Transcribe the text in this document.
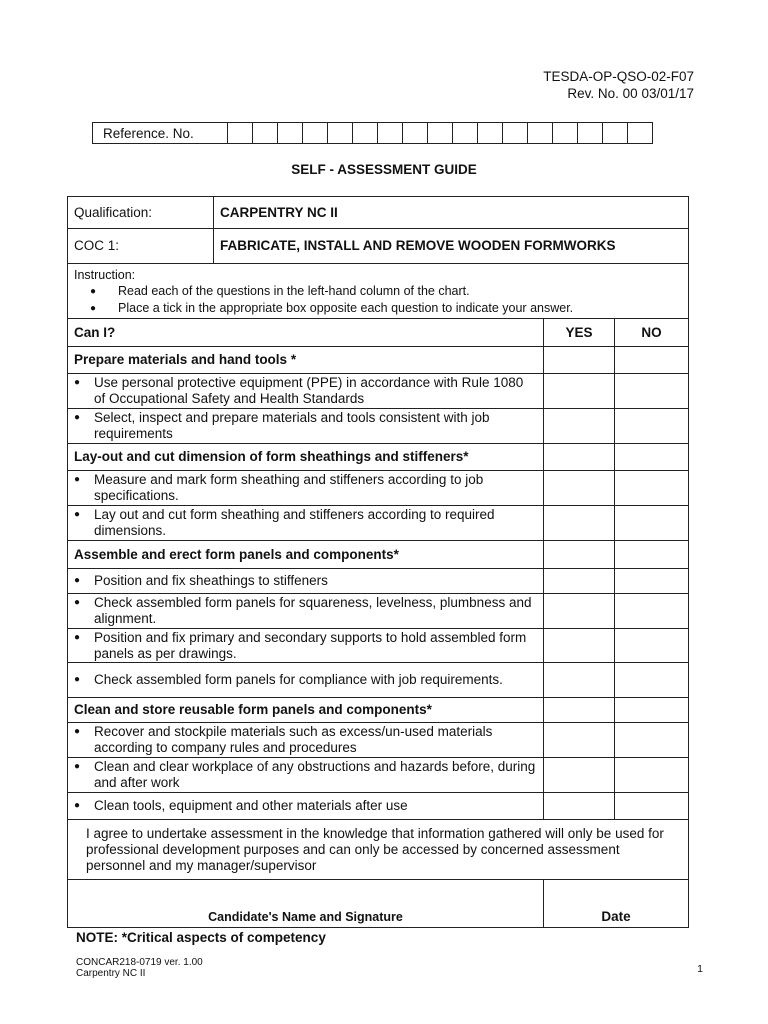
TESDA-OP-QSO-02-F07
Rev. No. 00 03/01/17
Reference. No.																	
SELF - ASSESSMENT GUIDE
Qualification:	CARPENTRY NC II		
COC 1:	FABRICATE, INSTALL AND REMOVE WOODEN FORMWORKS		

Instruction:
● Read each of the questions in the left-hand column of the chart.
● Place a tick in the appropriate box opposite each question to indicate your answer.			

Can I?		YES	NO
Prepare materials and hand tools *			

● Use personal protective equipment (PPE) in accordance with Rule 1080 of Occupational Safety and Health Standards			

● Select, inspect and prepare materials and tools consistent with job requirements			

Lay-out and cut dimension of form sheathings and stiffeners*			

● Measure and mark form sheathing and stiffeners according to job specifications.			

● Lay out and cut form sheathing and stiffeners according to required dimensions.			

Assemble and erect form panels and components*			

● Position and fix sheathings to stiffeners			

● Check assembled form panels for squareness, levelness, plumbness and alignment.			

● Position and fix primary and secondary supports to hold assembled form panels as per drawings.			

● Check assembled form panels for compliance with job requirements.			

Clean and store reusable form panels and components*			

● Recover and stockpile materials such as excess/un-used materials according to company rules and procedures			

● Clean and clear workplace of any obstructions and hazards before, during and after work			

● Clean tools, equipment and other materials after use			

I agree to undertake assessment in the knowledge that information gathered will only be used for professional development purposes and can only be accessed by concerned assessment personnel and my manager/supervisor			
Candidate's Name and Signature		Date	
NOTE: *Critical aspects of competency
CONCAR218-0719 ver. 1.00
Carpentry NC II	1
